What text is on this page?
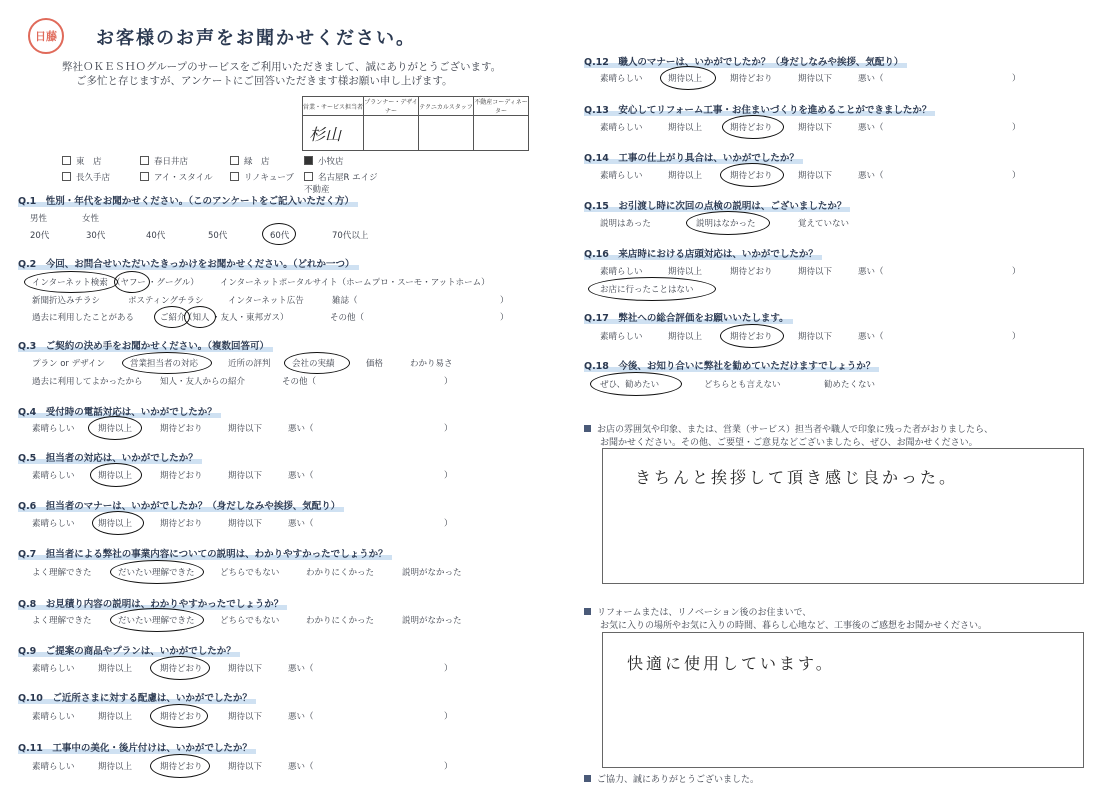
日藤	お客様のお声をお聞かせください。
弊社ＯＫＥＳＨＯグループのサービスをご利用いただきまして、誠にありがとうございます。
ご多忙と存じますが、アンケートにご回答いただきます様お願い申し上げます。
営業・サービス担当者	プランナー・デザイナー	テクニカルスタッフ	不動産コーディネーター
杉山			
東　店	春日井店	緑　店	小牧店
長久手店	アイ・スタイル	リノキューブ	名古屋R エイジ不動産
Q.1　性別・年代をお聞かせください。（このアンケートをご記入いただく方）
男性	女性
20代	30代	40代	50代	60代	70代以上
Q.2　今回、お問合せいただいたきっかけをお聞かせください。（どれか一つ）
インターネット検索 （ヤフー ・グーグル）	インターネットポータルサイト（ホームプロ・スーモ・アットホーム）
新聞折込みチラシ	ポスティングチラシ	インターネット広告	雑誌（	）
過去に利用したことがある	ご紹介
（知人 ・友人・東邦ガス）	その他（	）
Q.3　ご契約の決め手をお聞かせください。（複数回答可）
プラン or デザイン	営業担当者の対応	近所の評判	会社の実績	価格	わかり易さ
過去に利用してよかったから 知人・友人からの紹介	その他（	）
Q.4　受付時の電話対応は、いかがでしたか？
素晴らしい	期待以上	期待どおり	期待以下	悪い（	）
Q.5　担当者の対応は、いかがでしたか？
素晴らしい	期待以上	期待どおり	期待以下	悪い（	）
Q.6　担当者のマナーは、いかがでしたか？（身だしなみや挨拶、気配り）
素晴らしい	期待以上	期待どおり	期待以下	悪い（	）
Q.7　担当者による弊社の事業内容についての説明は、わかりやすかったでしょうか？
よく理解できた	だいたい理解できた	どちらでもない	わかりにくかった	説明がなかった
Q.8　お見積り内容の説明は、わかりやすかったでしょうか？
よく理解できた	だいたい理解できた	どちらでもない	わかりにくかった	説明がなかった
Q.9　ご提案の商品やプランは、いかがでしたか？
素晴らしい	期待以上	期待どおり	期待以下	悪い（	）
Q.10　ご近所さまに対する配慮は、いかがでしたか？
素晴らしい	期待以上	期待どおり	期待以下	悪い（	）
Q.11　工事中の美化・後片付けは、いかがでしたか？
素晴らしい	期待以上	期待どおり	期待以下	悪い（	）
Q.12　職人のマナーは、いかがでしたか？（身だしなみや挨拶、気配り）
素晴らしい	期待以上	期待どおり	期待以下	悪い（	）
Q.13　安心してリフォーム工事・お住まいづくりを進めることができましたか？
素晴らしい	期待以上	期待どおり	期待以下	悪い（	）
Q.14　工事の仕上がり具合は、いかがでしたか？
素晴らしい	期待以上	期待どおり	期待以下	悪い（	）
Q.15　お引渡し時に次回の点検の説明は、ございましたか？
説明はあった	説明はなかった	覚えていない
Q.16　来店時における店頭対応は、いかがでしたか？
素晴らしい	期待以上	期待どおり	期待以下	悪い（	）
お店に行ったことはない
Q.17　弊社への総合評価をお願いいたします。
素晴らしい	期待以上	期待どおり	期待以下	悪い（	）
Q.18　今後、お知り合いに弊社を勧めていただけますでしょうか？
ぜひ、勧めたい	どちらとも言えない	勧めたくない
お店の雰囲気や印象、または、営業（サービス）担当者や職人で印象に残った者がおりましたら、
お聞かせください。その他、ご要望・ご意見などございましたら、ぜひ、お聞かせください。
きちんと挨拶して頂き感じ良かった。
リフォームまたは、リノベーション後のお住まいで、
お気に入りの場所やお気に入りの時間、暮らし心地など、工事後のご感想をお聞かせください。
快適に使用しています。
ご協力、誠にありがとうございました。
